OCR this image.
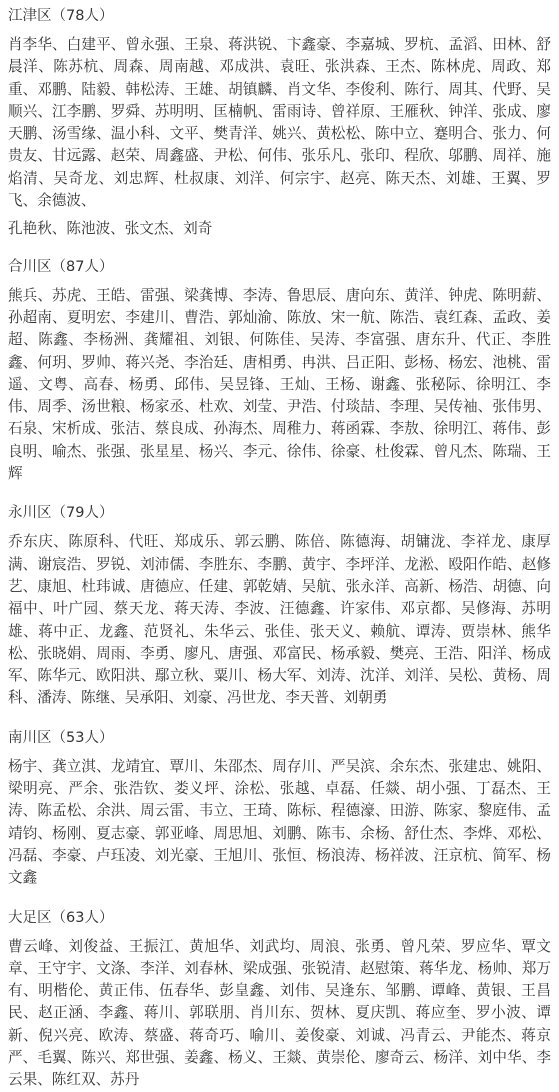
江津区（78人）
肖李华、白建平、曾永强、王泉、蒋洪锐、卞鑫豪、李嘉城、罗杭、孟滔、田林、舒晨洋、陈苏杭、周森、周南越、邓成洪、袁旺、张洪森、王杰、陈林虎、周政、郑重、邓鹏、陆毅、韩松涛、王雄、胡镇麟、肖文华、李俊利、陈行、周其、代野、吴顺兴、江李鹏、罗舜、苏明明、匡楠帆、雷雨诗、曾祥原、王雁秋、钟洋、张成、廖天鹏、汤雪缘、温小科、文平、樊青洋、姚兴、黄松松、陈中立、蹇明合、张力、何贵友、甘远露、赵荣、周鑫盛、尹松、何伟、张乐凡、张印、程欣、邬鹏、周祥、施焰清、吴奇龙、刘忠辉、杜叔康、刘洋、何宗宇、赵亮、陈天杰、刘雄、王翼、罗飞、余德波、
孔艳秋、陈池波、张文杰、刘奇
合川区（87人）
熊兵、苏虎、王皓、雷强、梁龚博、李涛、鲁思辰、唐向东、黄洋、钟虎、陈明薪、孙超南、夏明宏、李建川、曹浩、郭灿渝、陈放、宋一航、陈浩、袁红森、孟政、姜超、陈鑫、李杨洲、龚耀祖、刘银、何陈佳、吴涛、李富强、唐东升、代正、李胜鑫、何玥、罗帅、蒋兴尧、李治廷、唐相勇、冉洪、吕正阳、彭杨、杨宏、池桃、雷遥、文粤、高春、杨勇、邱伟、吴昱锋、王灿、王杨、谢鑫、张秘际、徐明江、李伟、周季、汤世粮、杨家丞、杜欢、刘莹、尹浩、付琰喆、李理、吴传袖、张伟男、石泉、宋析成、张洁、蔡良成、孙海杰、周稚力、蒋函霖、李敖、徐明江、蒋伟、彭良明、喻杰、张强、张星星、杨兴、李元、徐伟、徐豪、杜俊霖、曾凡杰、陈瑞、王辉
永川区（79人）
乔东庆、陈原科、代旺、郑成乐、郭云鹏、陈倍、陈德海、胡镛泷、李祥龙、康厚满、谢宸浩、罗锐、刘沛儒、李胜东、李鹏、黄宇、李坪洋、龙淞、殴阳作皓、赵修艺、康旭、杜玮诚、唐德应、任建、郭乾婧、吴航、张永洋、高新、杨浩、胡德、向福中、叶广园、蔡天龙、蒋天涛、李波、汪德鑫、许家伟、邓京都、吴修海、苏明雄、蒋中正、龙鑫、范贤礼、朱华云、张佳、张天义、赖航、谭涛、贾崇林、熊华松、张晓娟、周雨、李勇、廖凡、唐强、邓富民、杨承毅、樊亮、王浩、阳洋、杨成军、陈华元、欧阳洪、鄢立秋、粟川、杨大军、刘涛、沈洋、刘洋、吴松、黄杨、周科、潘涛、陈继、吴承阳、刘豪、冯世龙、李天普、刘朝勇
南川区（53人）
杨宇、龚立淇、龙靖宜、覃川、朱邵杰、周存川、严吴滨、余东杰、张建忠、姚阳、梁明亮、严余、张浩钦、娄义坪、涂松、张越、卓磊、任燚、胡小强、丁磊杰、王涛、陈孟松、余洪、周云雷、韦立、王琦、陈标、程德濠、田游、陈家、黎庭伟、孟靖钧、杨刚、夏志豪、郭亚峰、周思旭、刘鹏、陈韦、余杨、舒仕杰、李烨、邓松、冯磊、李豪、卢珏凌、刘光豪、王旭川、张恒、杨浪涛、杨祥波、汪京杭、简军、杨文鑫
大足区（63人）
曹云峰、刘俊益、王振江、黄旭华、刘武均、周浪、张勇、曾凡荣、罗应华、覃文章、王守宇、文涤、李洋、刘春林、梁成强、张锐清、赵慰策、蒋华龙、杨帅、郑万有、明楷伦、黄正伟、伍春华、彭皇鑫、刘伟、吴逢东、邹鹏、谭峰、黄银、王昌民、赵正涵、李鑫、蒋川、郭联朋、肖川东、贺林、夏庆凯、蒋应奎、罗小波、谭新、倪兴亮、欧涛、蔡盛、蒋奇巧、喻川、姜俊豪、刘诚、冯青云、尹能杰、蒋京严、毛翼、陈兴、郑世强、姜鑫、杨义、王燚、黄崇伦、廖奇云、杨洋、刘中华、李云果、陈红双、苏丹
